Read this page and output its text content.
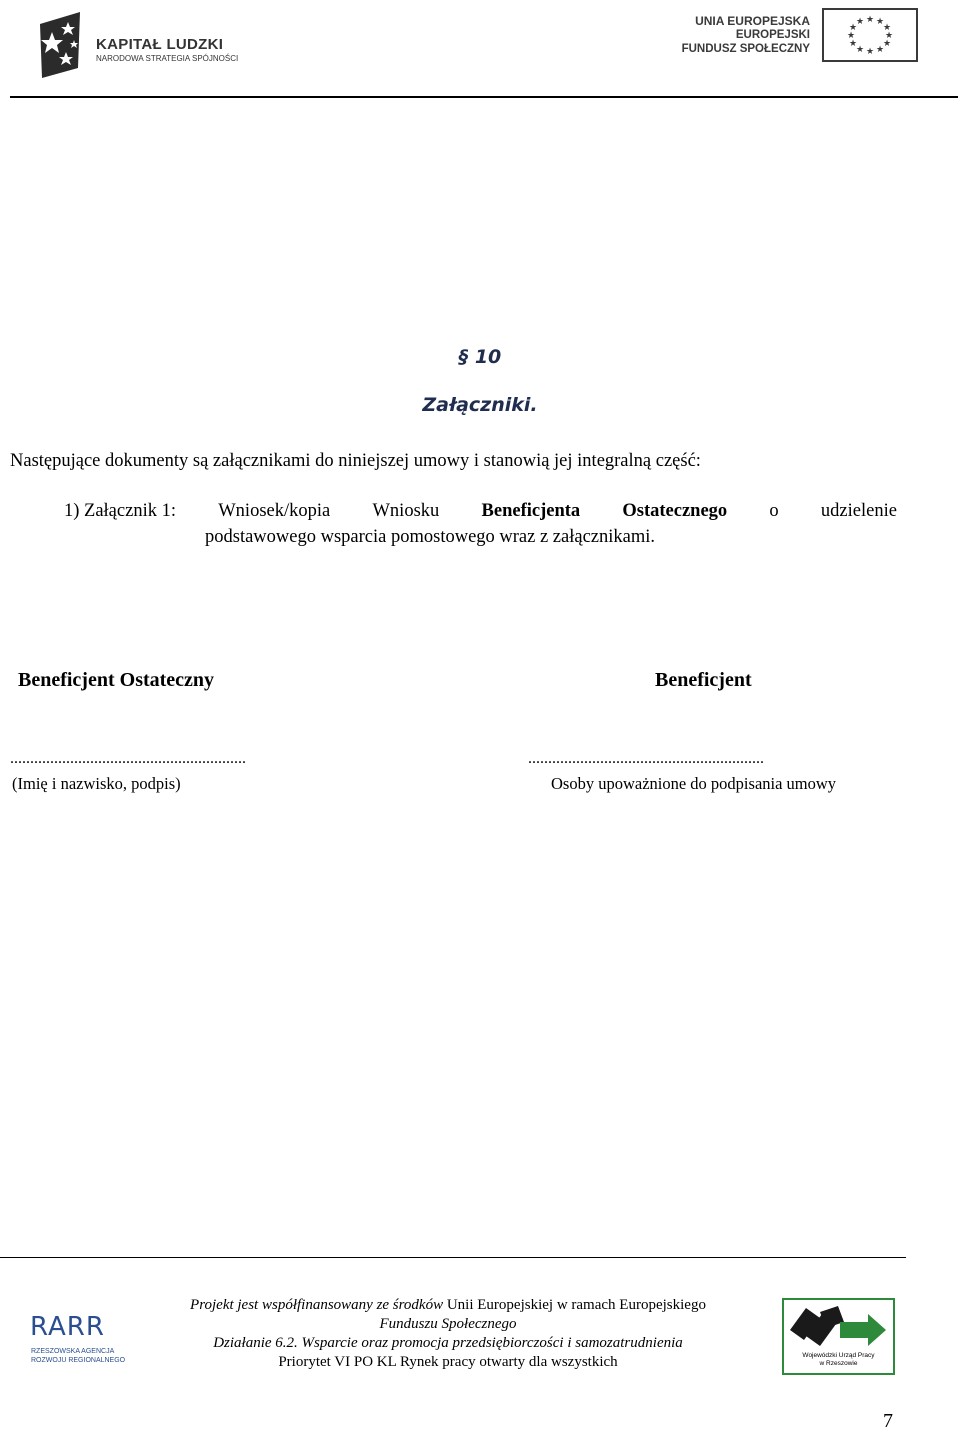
KAPITAŁ LUDZKI
NARODOWA STRATEGIA SPÓJNOŚCI
UNIA EUROPEJSKA
EUROPEJSKI
FUNDUSZ SPOŁECZNY
★ ★
★
★
★
★
★
★
★
★
★
★
§ 10
Załączniki.
Następujące dokumenty są załącznikami do niniejszej umowy i stanowią jej integralną część:
1) Załącznik 1: Wniosek/kopia Wniosku Beneficjenta Ostatecznego o udzielenie
podstawowego wsparcia pomostowego wraz z załącznikami.
Beneficjent Ostateczny	Beneficjent
...........................................................	...........................................................
(Imię i nazwisko, podpis)	Osoby upoważnione do podpisania umowy
RARR
RZESZOWSKA AGENCJA
ROZWOJU REGIONALNEGO
Projekt jest współfinansowany ze środków Unii Europejskiej w ramach Europejskiego
Funduszu Społecznego
Działanie 6.2. Wsparcie oraz promocja przedsiębiorczości i samozatrudnienia
Priorytet VI PO KL Rynek pracy otwarty dla wszystkich	Wojewódzki Urząd Pracy
w Rzeszowie
7
